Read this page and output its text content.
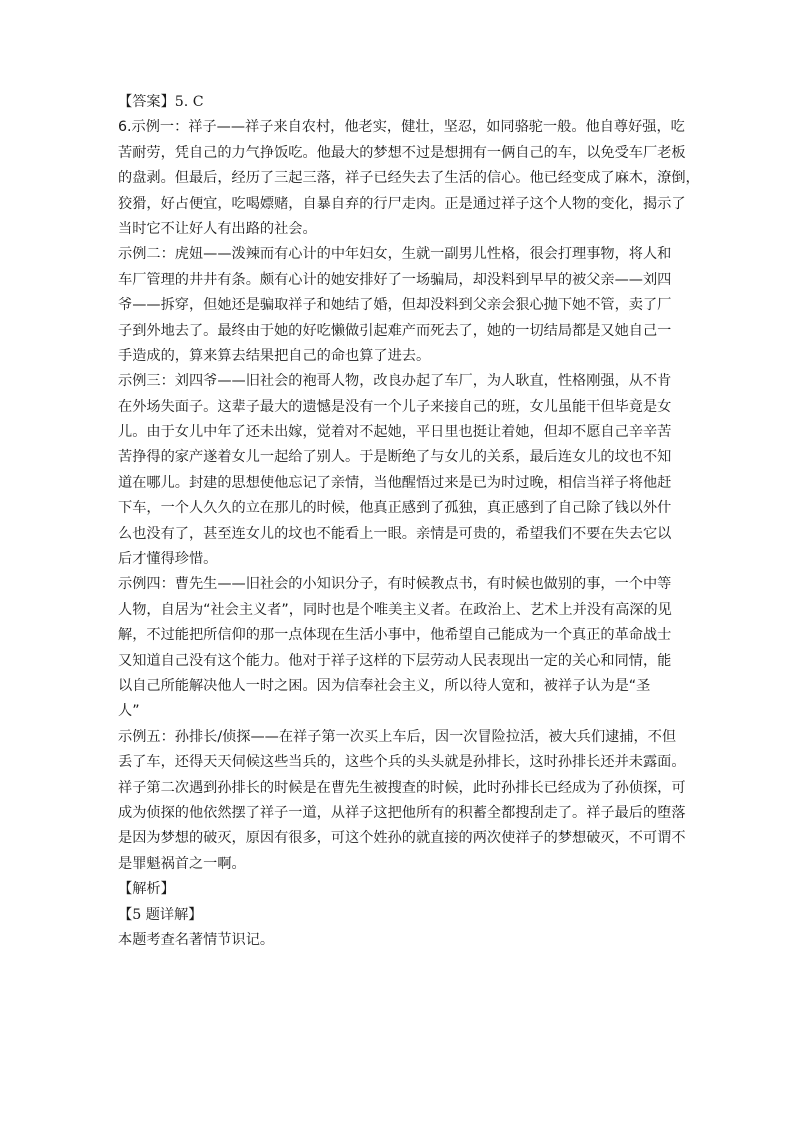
【答案】5. C
6.示例一：祥子——祥子来自农村，他老实，健壮，坚忍，如同骆驼一般。他自尊好强，吃
苦耐劳，凭自己的力气挣饭吃。他最大的梦想不过是想拥有一俩自己的车，以免受车厂老板
的盘剥。但最后，经历了三起三落，祥子已经失去了生活的信心。他已经变成了麻木，潦倒，
狡猾，好占便宜，吃喝嫖赌，自暴自弃的行尸走肉。正是通过祥子这个人物的变化，揭示了
当时它不让好人有出路的社会。
示例二：虎妞——泼辣而有心计的中年妇女，生就一副男儿性格，很会打理事物，将人和
车厂管理的井井有条。颇有心计的她安排好了一场骗局，却没料到早早的被父亲——刘四
爷——拆穿，但她还是骗取祥子和她结了婚，但却没料到父亲会狠心抛下她不管，卖了厂
子到外地去了。最终由于她的好吃懒做引起难产而死去了，她的一切结局都是又她自己一
手造成的，算来算去结果把自己的命也算了进去。
示例三：刘四爷——旧社会的袍哥人物，改良办起了车厂，为人耿直，性格刚强，从不肯
在外场失面子。这辈子最大的遗憾是没有一个儿子来接自己的班，女儿虽能干但毕竟是女
儿。由于女儿中年了还未出嫁，觉着对不起她，平日里也挺让着她，但却不愿自己辛辛苦
苦挣得的家产遂着女儿一起给了别人。于是断绝了与女儿的关系，最后连女儿的坟也不知
道在哪儿。封建的思想使他忘记了亲情，当他醒悟过来是已为时过晚，相信当祥子将他赶
下车，一个人久久的立在那儿的时候，他真正感到了孤独，真正感到了自己除了钱以外什
么也没有了，甚至连女儿的坟也不能看上一眼。亲情是可贵的，希望我们不要在失去它以
后才懂得珍惜。
示例四：曹先生——旧社会的小知识分子，有时候教点书，有时候也做别的事，一个中等
人物，自居为“社会主义者”，同时也是个唯美主义者。在政治上、艺术上并没有高深的见
解，不过能把所信仰的那一点体现在生活小事中，他希望自己能成为一个真正的革命战士
又知道自己没有这个能力。他对于祥子这样的下层劳动人民表现出一定的关心和同情，能
以自己所能解决他人一时之困。因为信奉社会主义，所以待人宽和，被祥子认为是“圣
人”
示例五：孙排长/侦探——在祥子第一次买上车后，因一次冒险拉活，被大兵们逮捕，不但
丢了车，还得天天伺候这些当兵的，这些个兵的头头就是孙排长，这时孙排长还并未露面。
祥子第二次遇到孙排长的时候是在曹先生被搜查的时候，此时孙排长已经成为了孙侦探，可
成为侦探的他依然摆了祥子一道，从祥子这把他所有的积蓄全都搜刮走了。祥子最后的堕落
是因为梦想的破灭，原因有很多，可这个姓孙的就直接的两次使祥子的梦想破灭，不可谓不
是罪魁祸首之一啊。
【解析】
【5 题详解】
本题考查名著情节识记。
